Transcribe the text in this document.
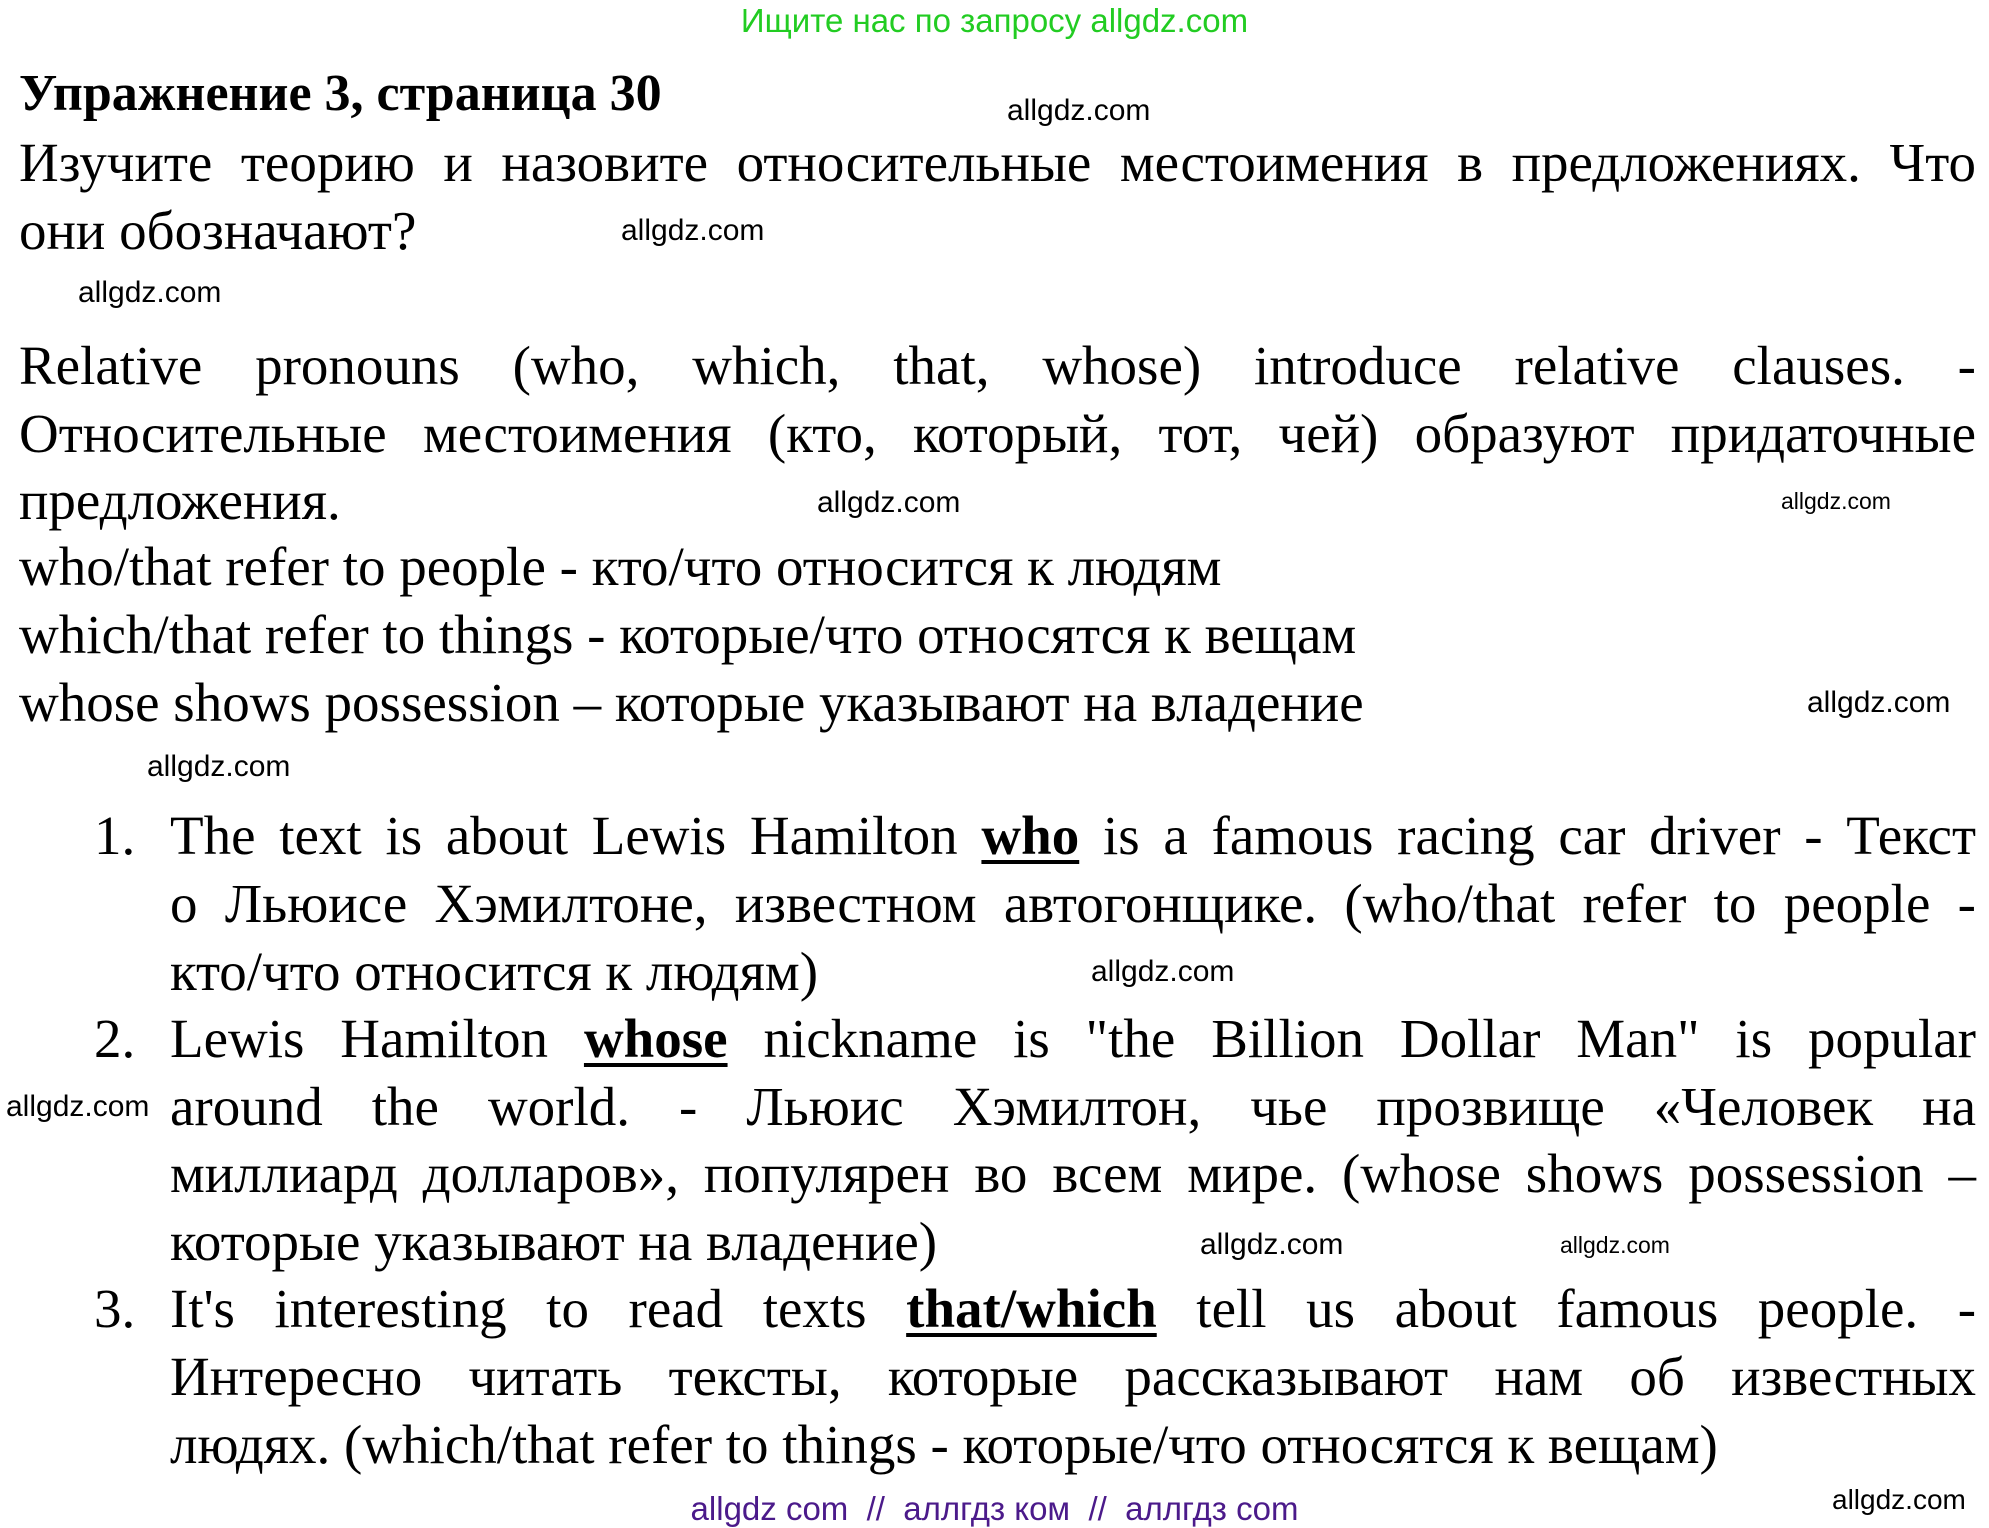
Ищите нас по запросу allgdz.com
Упражнение 3, страница 30
Изучите теорию и назовите относительные местоимения в предложениях. Что
они обозначают?
Relative pronouns (who, which, that, whose) introduce relative clauses. -
Относительные местоимения (кто, который, тот, чей) образуют придаточные
предложения.
who/that refer to people - кто/что относится к людям
which/that refer to things - которые/что относятся к вещам
whose shows possession – которые указывают на владение
1. The text is about Lewis Hamilton who is a famous racing car driver - Текст
о Льюисе Хэмилтоне, известном автогонщике. (who/that refer to people -
кто/что относится к людям)
2. Lewis Hamilton whose nickname is "the Billion Dollar Man" is popular
around the world. - Льюис Хэмилтон, чье прозвище «Человек на
миллиард долларов», популярен во всем мире. (whose shows possession –
которые указывают на владение)
3. It's interesting to read texts that/which tell us about famous people. -
Интересно читать тексты, которые рассказывают нам об известных
людях. (which/that refer to things - которые/что относятся к вещам)
allgdz.com
allgdz.com
allgdz.com
allgdz.com
allgdz.com
allgdz.com
allgdz.com
allgdz.com
allgdz.com
allgdz.com
allgdz.com
allgdz.com
allgdz com  //  аллгдз ком  //  аллгдз com
